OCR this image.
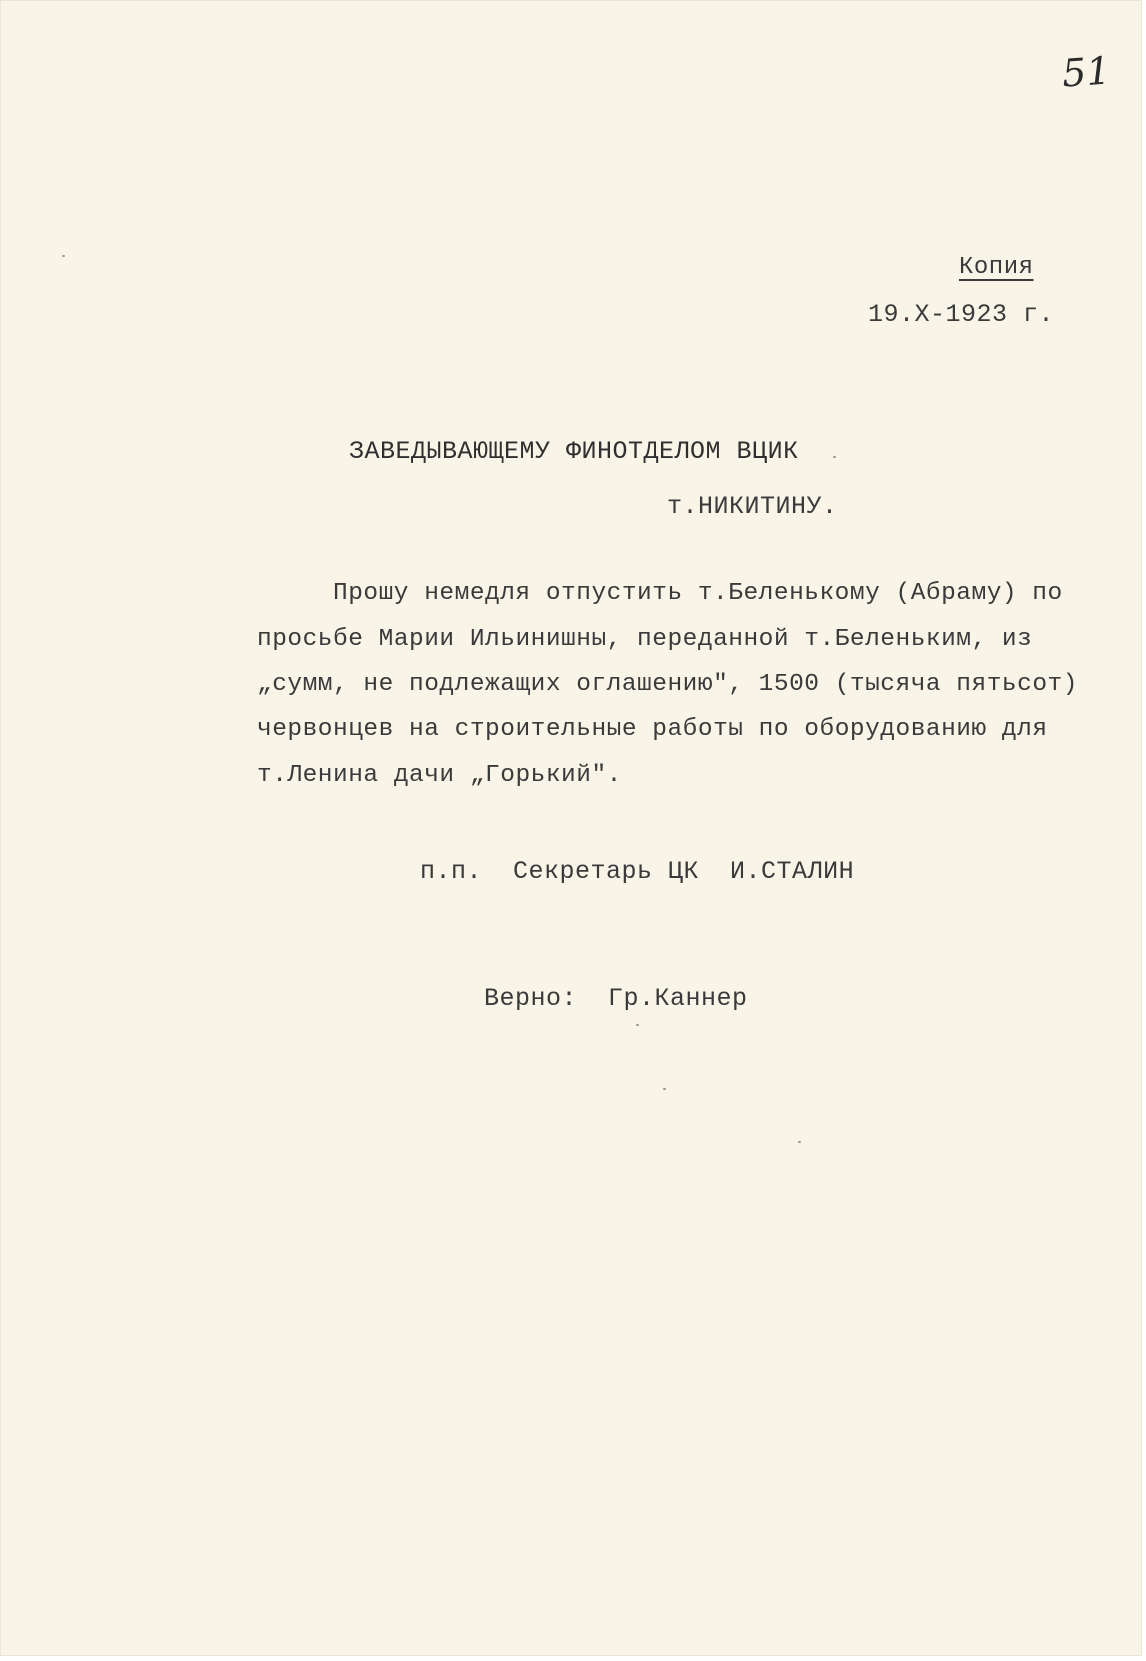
51
Копия
19.X-1923 г.
ЗАВЕДЫВАЮЩЕМУ ФИНОТДЕЛОМ ВЦИК
т.НИКИТИНУ.
Прошу немедля отпустить т.Беленькому (Абраму) по
просьбе Марии Ильинишны, переданной т.Беленьким, из
„сумм, не подлежащих оглашению", 1500 (тысяча пятьсот)
червонцев на строительные работы по оборудованию для
т.Ленина дачи „Горький".
п.п.  Секретарь ЦК  И.СТАЛИН
Верно:  Гр.Каннер
